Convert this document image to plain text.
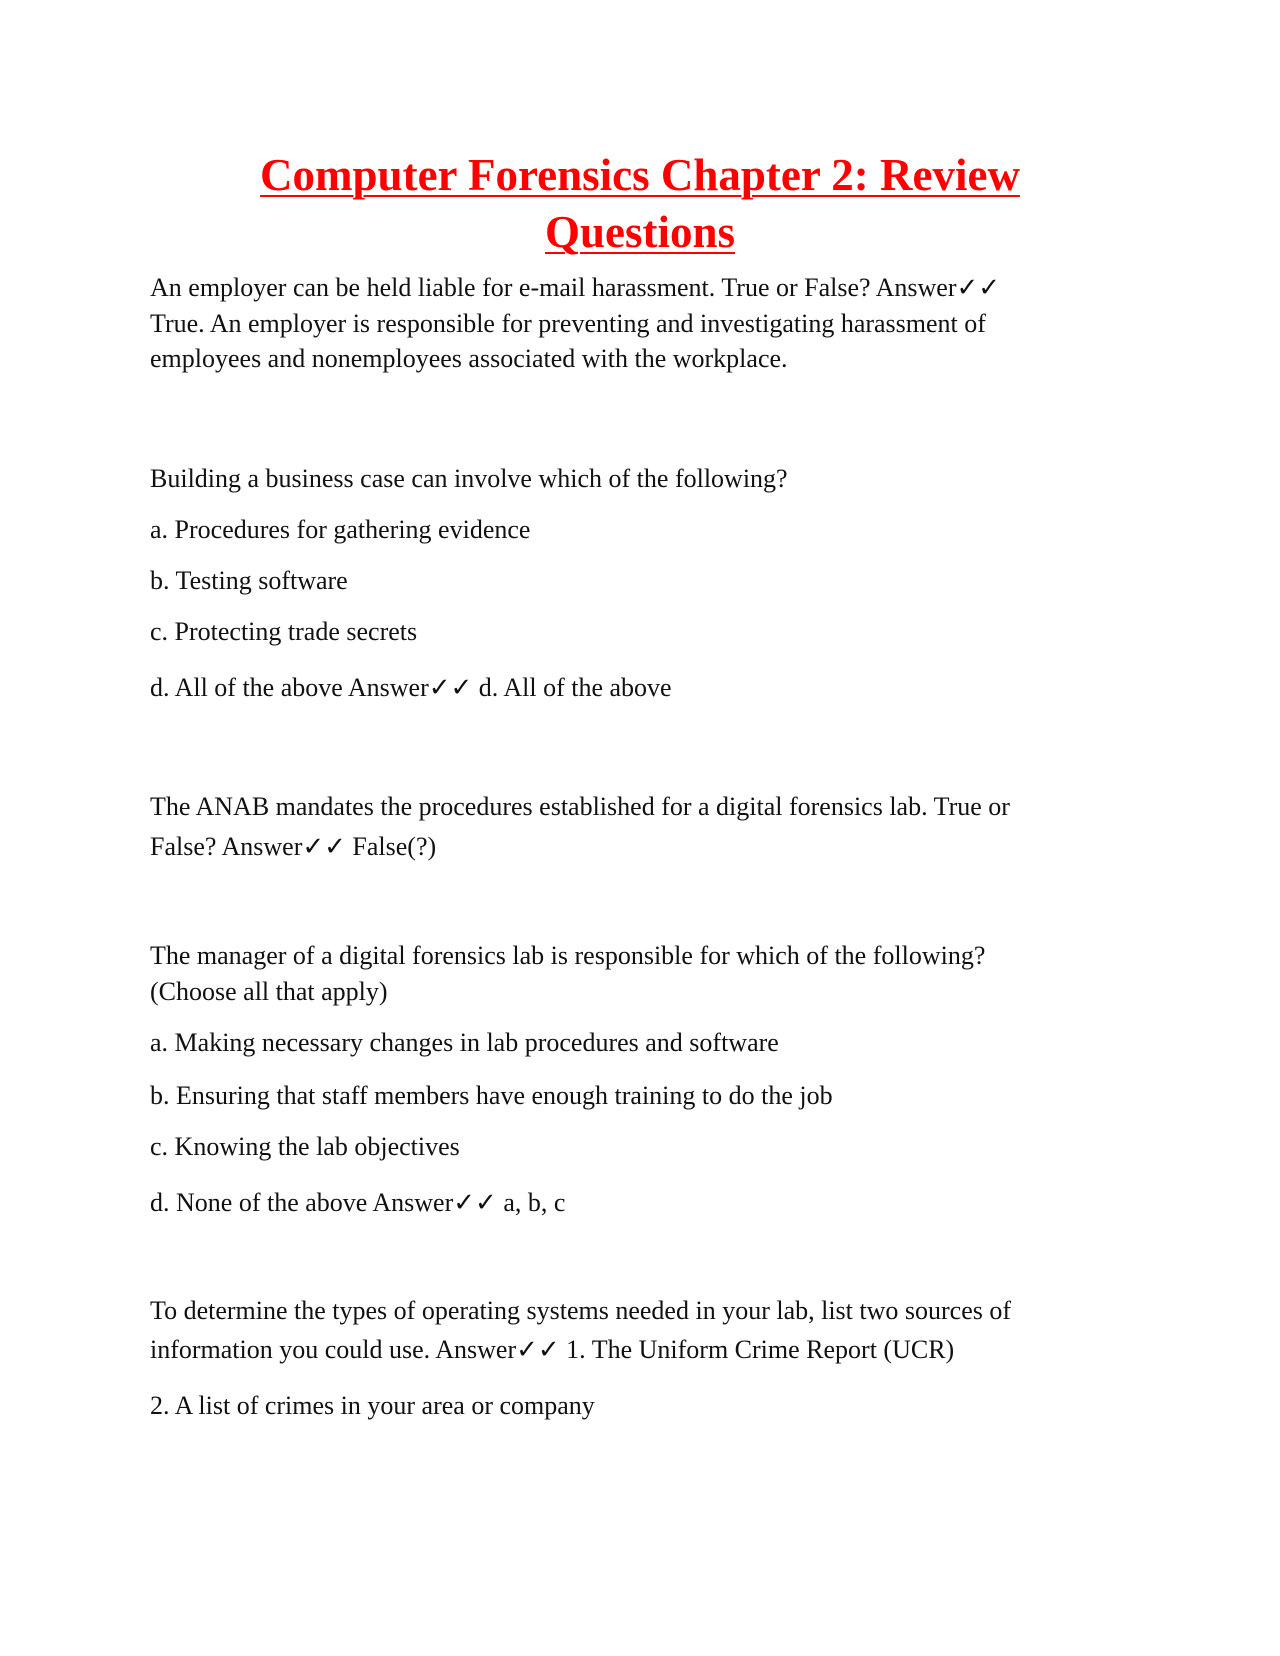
Computer Forensics Chapter 2: Review
Questions

An employer can be held liable for e-mail harassment. True or False? Answer✓✓

True. An employer is responsible for preventing and investigating harassment of

employees and nonemployees associated with the workplace.

Building a business case can involve which of the following?

a. Procedures for gathering evidence

b. Testing software

c. Protecting trade secrets

d. All of the above Answer✓✓ d. All of the above

The ANAB mandates the procedures established for a digital forensics lab. True or

False? Answer✓✓ False(?)

The manager of a digital forensics lab is responsible for which of the following?

(Choose all that apply)

a. Making necessary changes in lab procedures and software

b. Ensuring that staff members have enough training to do the job

c. Knowing the lab objectives

d. None of the above Answer✓✓ a, b, c

To determine the types of operating systems needed in your lab, list two sources of

information you could use. Answer✓✓ 1. The Uniform Crime Report (UCR)

2. A list of crimes in your area or company
